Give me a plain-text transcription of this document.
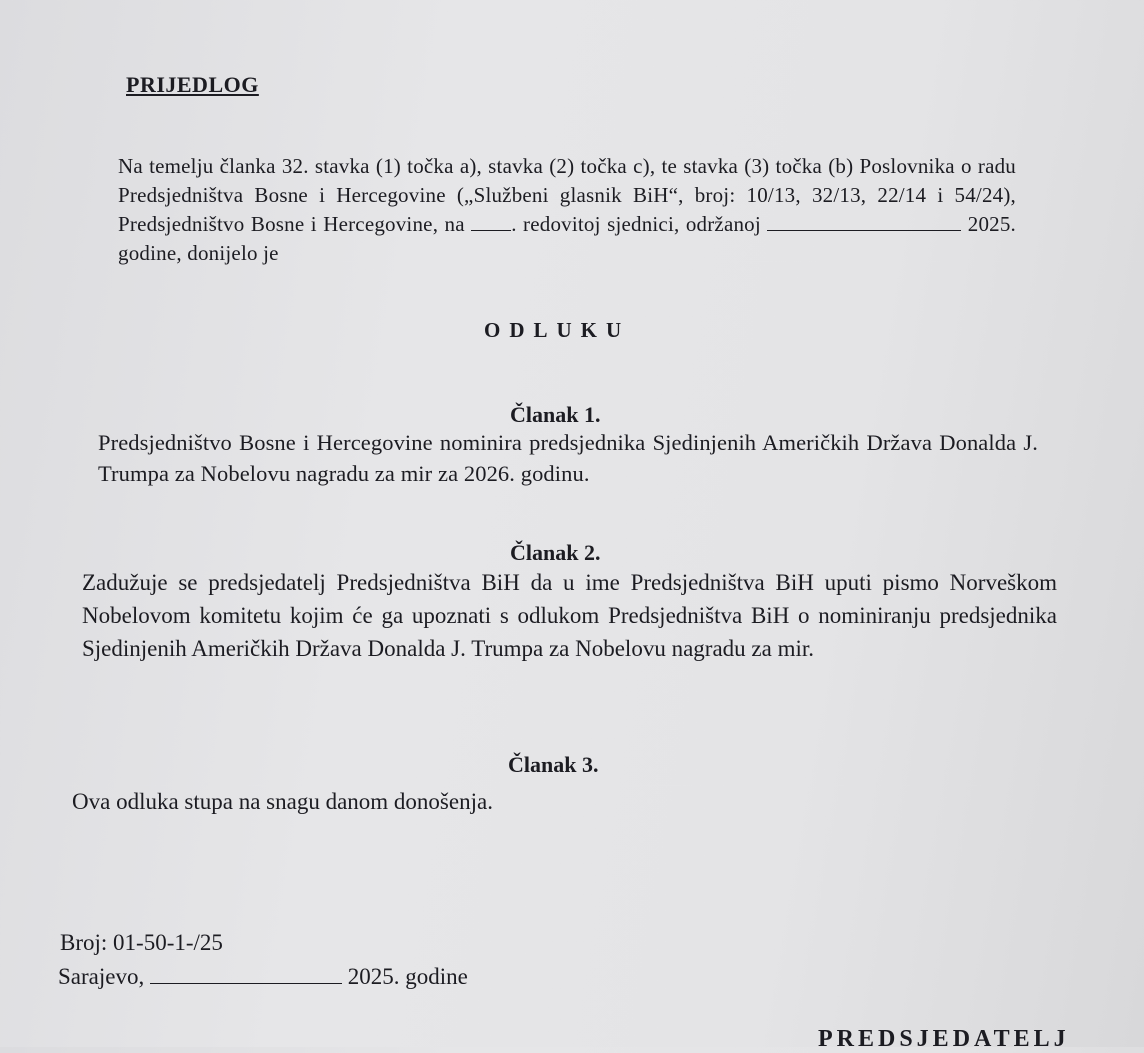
PRIJEDLOG
Na temelju članka 32. stavka (1) točka a), stavka (2) točka c), te stavka (3) točka (b) Poslovnika o radu Predsjedništva Bosne i Hercegovine („Službeni glasnik BiH“, broj: 10/13, 32/13, 22/14 i 54/24), Predsjedništvo Bosne i Hercegovine, na . redovitoj sjednici, održanoj	2025. godine, donijelo je
ODLUKU
Članak 1.
Predsjedništvo Bosne i Hercegovine nominira predsjednika Sjedinjenih Američkih Država Donalda J. Trumpa za Nobelovu nagradu za mir za 2026. godinu.
Članak 2.
Zadužuje se predsjedatelj Predsjedništva BiH da u ime Predsjedništva BiH uputi pismo Norveškom Nobelovom komitetu kojim će ga upoznati s odlukom Predsjedništva BiH o nominiranju predsjednika Sjedinjenih Američkih Država Donalda J. Trumpa za Nobelovu nagradu za mir.
Članak 3.
Ova odluka stupa na snagu danom donošenja.
Broj: 01-50-1-/25
Sarajevo,	2025. godine
PREDSJEDATELJ
